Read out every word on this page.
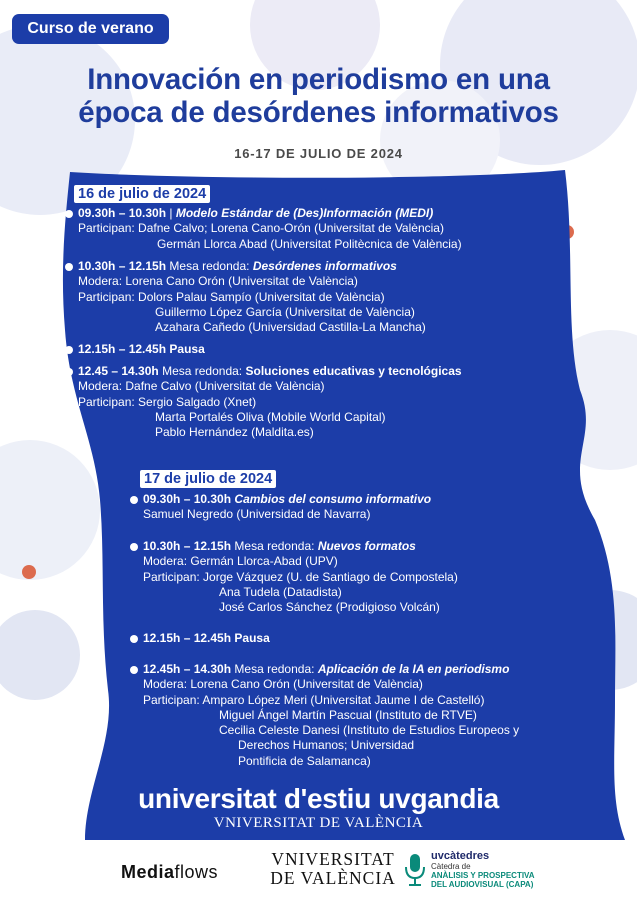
Curso de verano
Innovación en periodismo en una
época de desórdenes informativos
16-17 DE JULIO DE 2024
16 de julio de 2024
09.30h – 10.30h | Modelo Estándar de (Des)Información (MEDI)
Participan: Dafne Calvo; Lorena Cano-Orón (Universitat de València)
Germán Llorca Abad (Universitat Politècnica de València)
10.30h – 12.15h Mesa redonda: Desórdenes informativos
Modera: Lorena Cano Orón (Universitat de València)
Participan: Dolors Palau Sampío (Universitat de València)
Guillermo López García (Universitat de València)
Azahara Cañedo (Universidad Castilla-La Mancha)
12.15h – 12.45h Pausa
12.45 – 14.30h Mesa redonda: Soluciones educativas y tecnológicas
Modera: Dafne Calvo (Universitat de València)
Participan: Sergio Salgado (Xnet)
Marta Portalés Oliva (Mobile World Capital)
Pablo Hernández (Maldita.es)
17 de julio de 2024
09.30h – 10.30h Cambios del consumo informativo
Samuel Negredo (Universidad de Navarra)
10.30h – 12.15h Mesa redonda: Nuevos formatos
Modera: Germán Llorca-Abad (UPV)
Participan: Jorge Vázquez (U. de Santiago de Compostela)
Ana Tudela (Datadista)
José Carlos Sánchez (Prodigioso Volcán)
12.15h – 12.45h Pausa
12.45h – 14.30h Mesa redonda: Aplicación de la IA en periodismo
Modera: Lorena Cano Orón (Universitat de València)
Participan: Amparo López Meri (Universitat Jaume I de Castelló)
Miguel Ángel Martín Pascual (Instituto de RTVE)
Cecilia Celeste Danesi (Instituto de Estudios Europeos y
Derechos Humanos; Universidad
Pontificia de Salamanca)
universitat d'estiu uvgandia
VNIVERSITAT DE VALÈNCIA
Mediaflows
VNIVERSITAT
DE VALÈNCIA
uvcàtedres
Càtedra de
ANÀLISIS Y PROSPECTIVA
DEL AUDIOVISUAL (CAPA)
